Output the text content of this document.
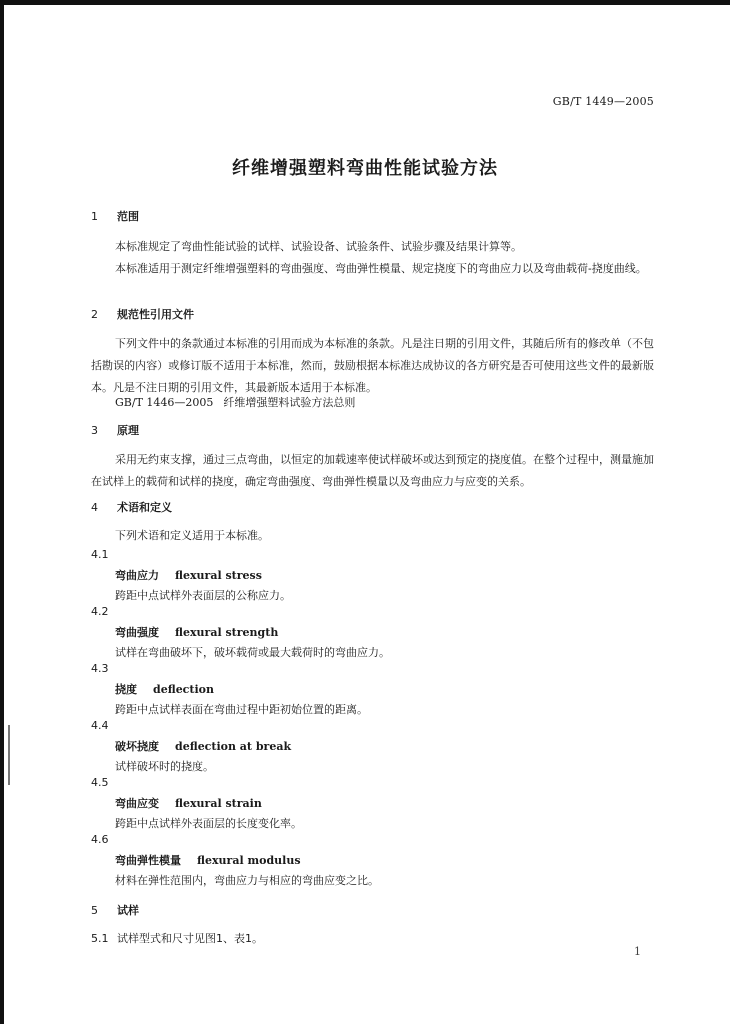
GB/T 1449—2005
纤维增强塑料弯曲性能试验方法
1 范围
本标准规定了弯曲性能试验的试样、试验设备、试验条件、试验步骤及结果计算等。
本标准适用于测定纤维增强塑料的弯曲强度、弯曲弹性模量、规定挠度下的弯曲应力以及弯曲载荷-挠度曲线。
2 规范性引用文件
下列文件中的条款通过本标准的引用而成为本标准的条款。凡是注日期的引用文件，其随后所有的修改单（不包括勘误的内容）或修订版不适用于本标准，然而，鼓励根据本标准达成协议的各方研究是否可使用这些文件的最新版本。凡是不注日期的引用文件，其最新版本适用于本标准。
GB/T 1446—2005 纤维增强塑料试验方法总则
3 原理
采用无约束支撑，通过三点弯曲，以恒定的加载速率使试样破坏或达到预定的挠度值。在整个过程中，测量施加在试样上的载荷和试样的挠度，确定弯曲强度、弯曲弹性模量以及弯曲应力与应变的关系。
4 术语和定义
下列术语和定义适用于本标准。
4.1
弯曲应力 flexural stress
跨距中点试样外表面层的公称应力。
4.2
弯曲强度 flexural strength
试样在弯曲破坏下，破坏载荷或最大载荷时的弯曲应力。
4.3
挠度 deflection
跨距中点试样表面在弯曲过程中距初始位置的距离。
4.4
破坏挠度 deflection at break
试样破坏时的挠度。
4.5
弯曲应变 flexural strain
跨距中点试样外表面层的长度变化率。
4.6
弯曲弹性模量 flexural modulus
材料在弹性范围内，弯曲应力与相应的弯曲应变之比。
5 试样
5.1 试样型式和尺寸见图1、表1。
1
